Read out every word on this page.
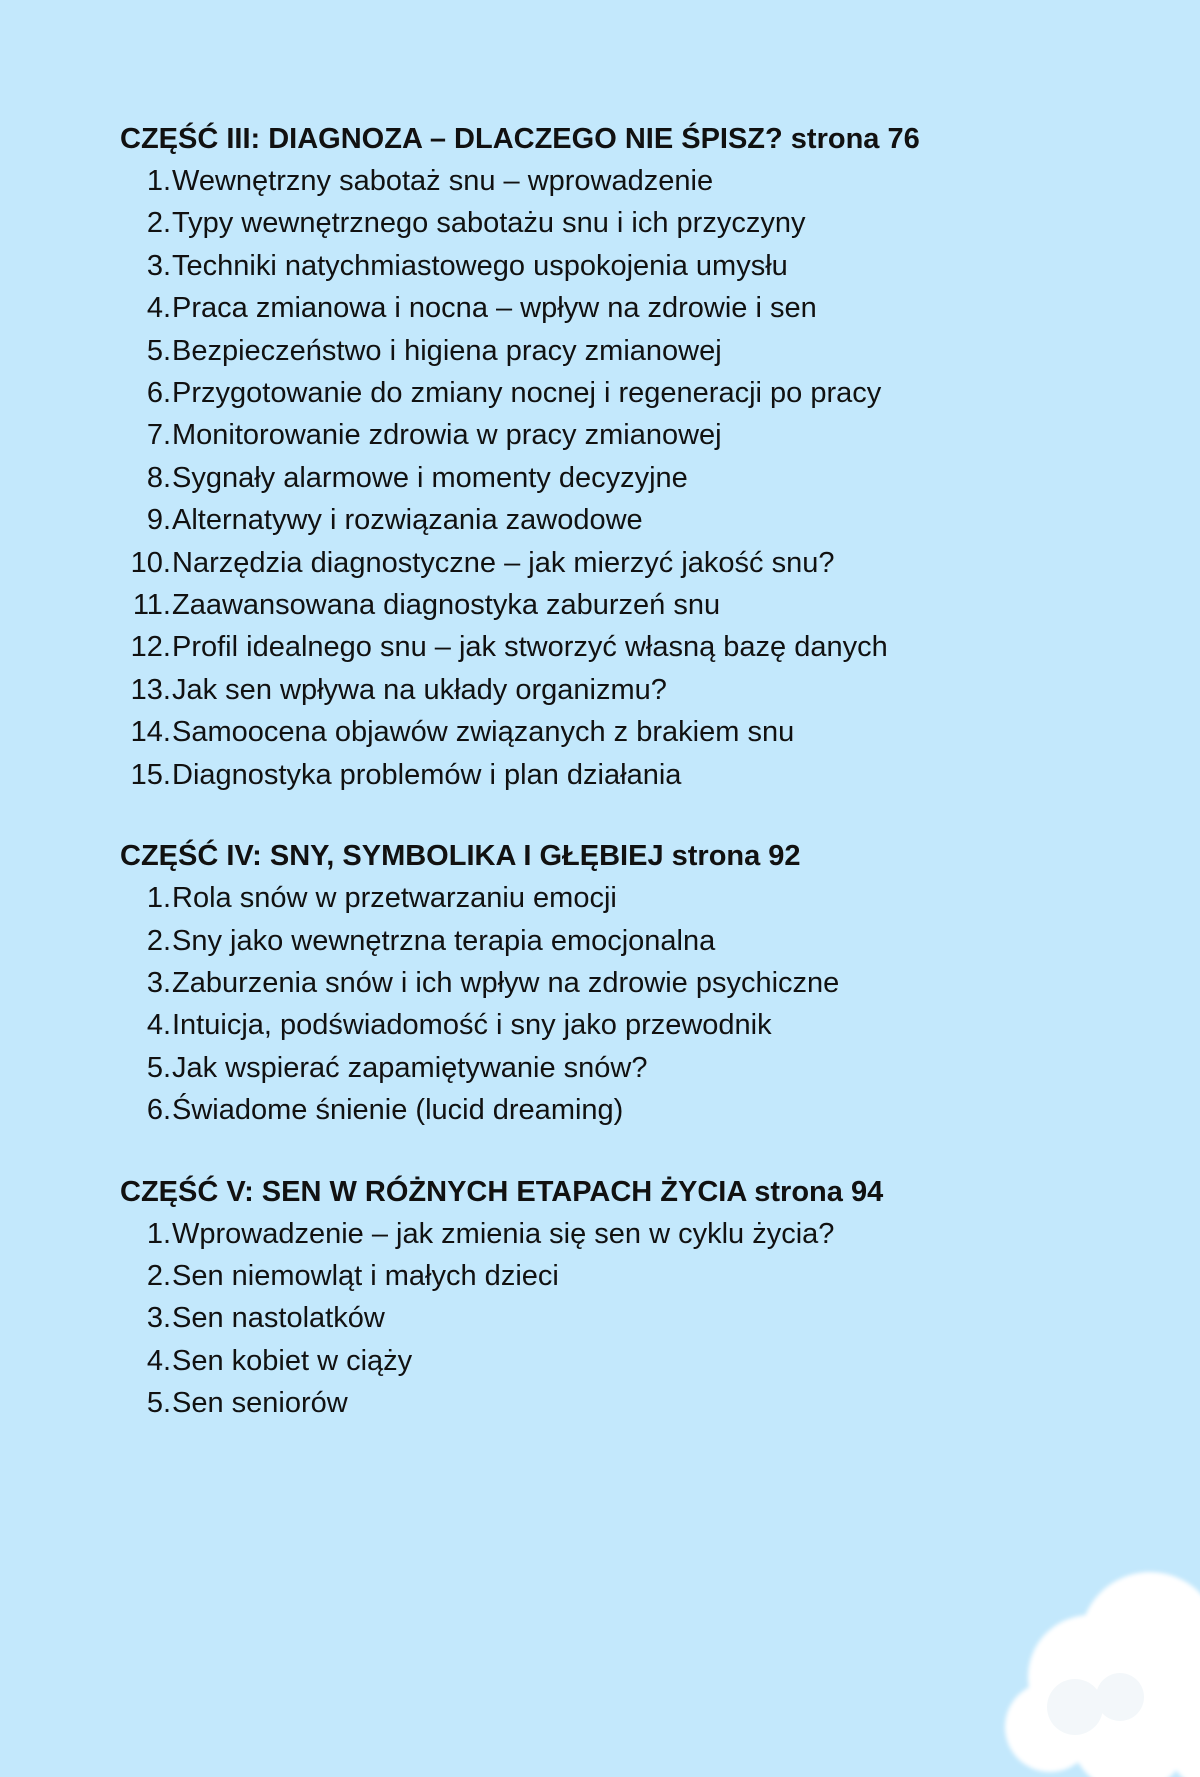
CZĘŚĆ III: DIAGNOZA – DLACZEGO NIE ŚPISZ? strona 76
1. Wewnętrzny sabotaż snu – wprowadzenie
2. Typy wewnętrznego sabotażu snu i ich przyczyny
3. Techniki natychmiastowego uspokojenia umysłu
4. Praca zmianowa i nocna – wpływ na zdrowie i sen
5. Bezpieczeństwo i higiena pracy zmianowej
6. Przygotowanie do zmiany nocnej i regeneracji po pracy
7. Monitorowanie zdrowia w pracy zmianowej
8. Sygnały alarmowe i momenty decyzyjne
9. Alternatywy i rozwiązania zawodowe
10. Narzędzia diagnostyczne – jak mierzyć jakość snu?
11. Zaawansowana diagnostyka zaburzeń snu
12. Profil idealnego snu – jak stworzyć własną bazę danych
13. Jak sen wpływa na układy organizmu?
14. Samoocena objawów związanych z brakiem snu
15. Diagnostyka problemów i plan działania
CZĘŚĆ IV: SNY, SYMBOLIKA I GŁĘBIEJ strona 92
1. Rola snów w przetwarzaniu emocji
2. Sny jako wewnętrzna terapia emocjonalna
3. Zaburzenia snów i ich wpływ na zdrowie psychiczne
4. Intuicja, podświadomość i sny jako przewodnik
5. Jak wspierać zapamiętywanie snów?
6. Świadome śnienie (lucid dreaming)
CZĘŚĆ V: SEN W RÓŻNYCH ETAPACH ŻYCIA strona 94
1. Wprowadzenie – jak zmienia się sen w cyklu życia?
2. Sen niemowląt i małych dzieci
3. Sen nastolatków
4. Sen kobiet w ciąży
5. Sen seniorów
